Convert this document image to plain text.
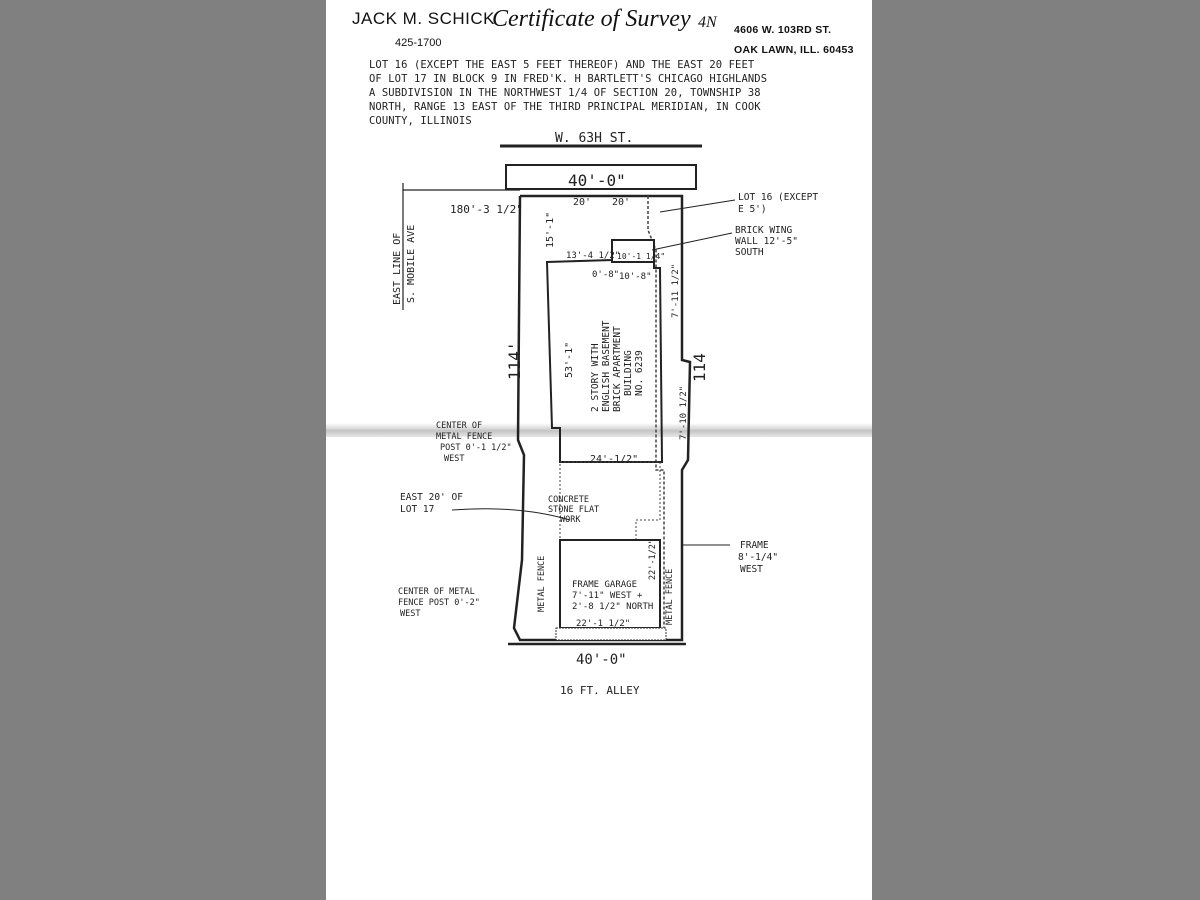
JACK M. SCHICK
Certificate of Survey 4N 4606 W. 103RD ST.
425-1700
OAK LAWN, ILL. 60453
LOT 16 (EXCEPT THE EAST 5 FEET THEREOF) AND THE EAST 20 FEET
OF LOT 17 IN BLOCK 9 IN FRED'K. H BARTLETT'S CHICAGO HIGHLANDS
A SUBDIVISION IN THE NORTHWEST 1/4 OF SECTION 20, TOWNSHIP 38
NORTH, RANGE 13 EAST OF THE THIRD PRINCIPAL MERIDIAN, IN COOK
COUNTY, ILLINOIS
W. 63H ST.
40'-0"
40'-0"
16 FT. ALLEY
180'-3 1/2"
EAST LINE OF S. MOBILE AVE
114'	114
20' 20'
15'-1"
13'-4 1/2"
10'-1 1/4"
0'-8" 10'-8" 7'-11 1/2"
7'-10 1/2"
53'-1"
24'-1/2"
2 STORY WITH ENGLISH BASEMENT BRICK APARTMENT BUILDING NO. 6239
LOT 16 (EXCEPT
E 5')
BRICK WING
WALL 12'-5"
SOUTH
CENTER OF
METAL FENCE
POST 0'-1 1/2"
WEST
EAST 20' OF
LOT 17
CONCRETE
STONE FLAT
WORK
FRAME
8'-1/4"
WEST
FRAME GARAGE
7'-11" WEST +
2'-8 1/2" NORTH
22'-1/2"
22'-1 1/2"
CENTER OF METAL
FENCE POST 0'-2"
WEST
METAL FENCE	METAL FENCE
